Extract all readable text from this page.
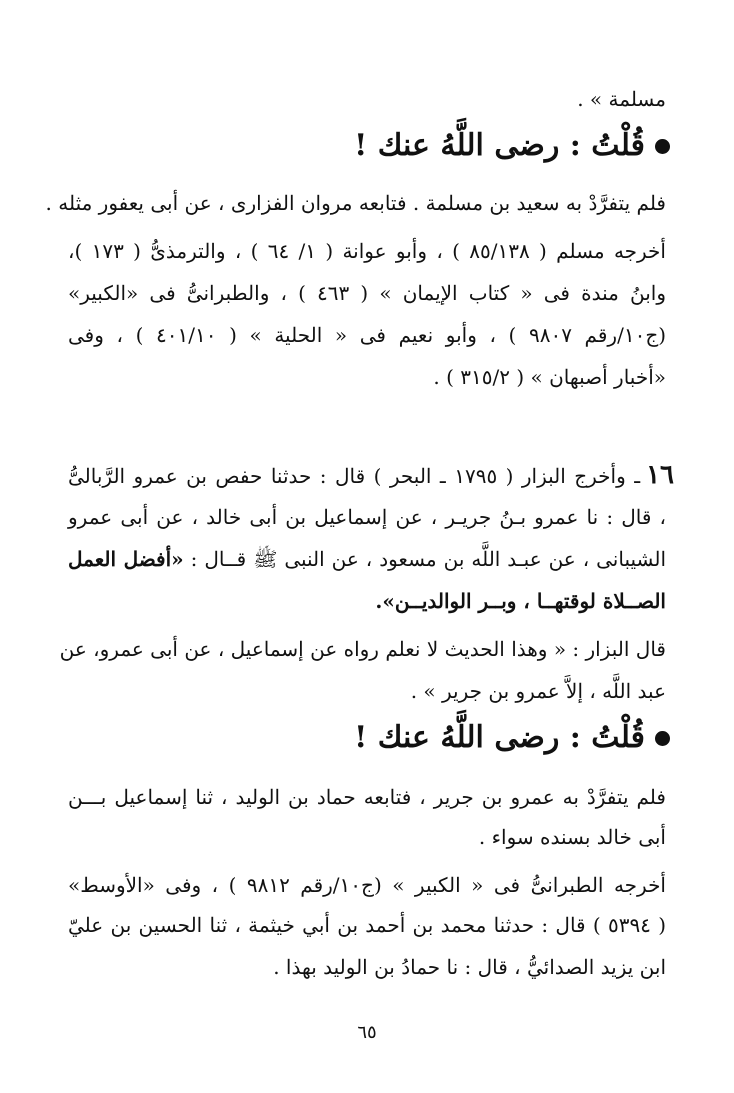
مسلمة » .
قُلْتُ : رضى اللَّهُ عنك !
فلم يتفرَّدْ به سعيد بن مسلمة . فتابعه مروان الفزارى ، عن أبى يعفور مثله .
أخرجه مسلم ( ٨٥/١٣٨ ) ، وأبو عوانة ( ١/ ٦٤ ) ، والترمذىُّ ( ١٧٣ )،
وابنُ مندة فى « كتاب الإيمان » ( ٤٦٣ ) ، والطبرانىُّ فى «الكبير»
(ج١٠/رقم ٩٨٠٧ ) ، وأبو نعيم فى « الحلية » ( ٤٠١/١٠ ) ، وفى
«أخبار أصبهان » ( ٣١٥/٢ ) .
١٦ـ وأخرج البزار ( ١٧٩٥ ـ البحر ) قال : حدثنا حفص بن عمرو الرَّبالىُّ
، قال : نا عمرو بـنُ جريـر ، عن إسماعيل بن أبى خالد ، عن أبى عمرو
الشيبانى ، عن عبـد اللَّه بن مسعود ، عن النبى ﷺ قــال : «أفضل العمل
الصــلاة لوقتهــا ، وبــر الوالديــن».
قال البزار : « وهذا الحديث لا نعلم رواه عن إسماعيل ، عن أبى عمرو، عن
عبد اللَّه ، إلاَّ عمرو بن جرير » .
قُلْتُ : رضى اللَّهُ عنك !
فلم يتفرَّدْ به عمرو بن جرير ، فتابعه حماد بن الوليد ، ثنا إسماعيل بـــن
أبى خالد بسنده سواء .
أخرجه الطبرانىُّ فى « الكبير » (ج١٠/رقم ٩٨١٢ ) ، وفى «الأوسط»
( ٥٣٩٤ ) قال : حدثنا محمد بن أحمد بن أبي خيثمة ، ثنا الحسين بن عليّ
ابن يزيد الصدائيُّ ، قال : نا حمادُ بن الوليد بهذا .
٦٥
